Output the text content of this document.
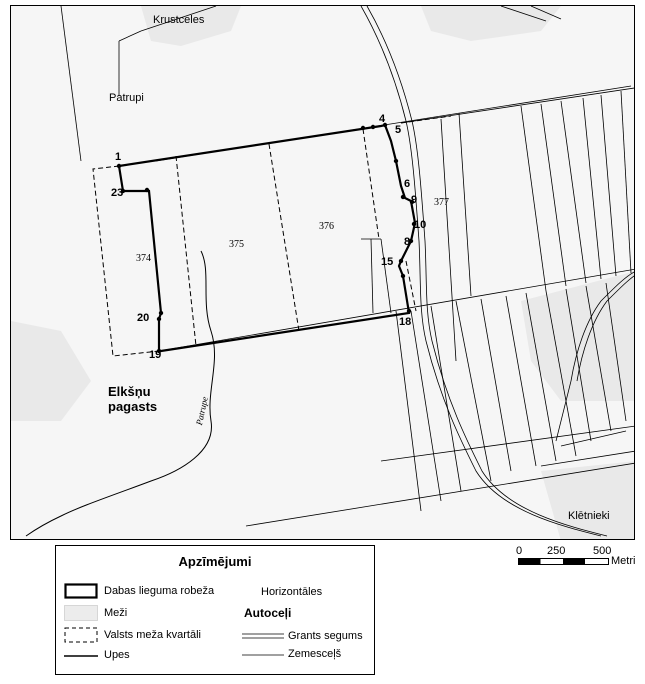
Krustceles
Patrupi
Klētnieki
Elkšņu
pagasts	Patrupe
374
375
376
377
1
23
4
5
6
9
10
8
15
20	18
19
Apzīmējumi
Dabas lieguma robeža
Meži
Valsts meža kvartāli
Upes
Horizontāles
Autoceļi
Grants segums
Zemesceļš
0 250	500
Metri
